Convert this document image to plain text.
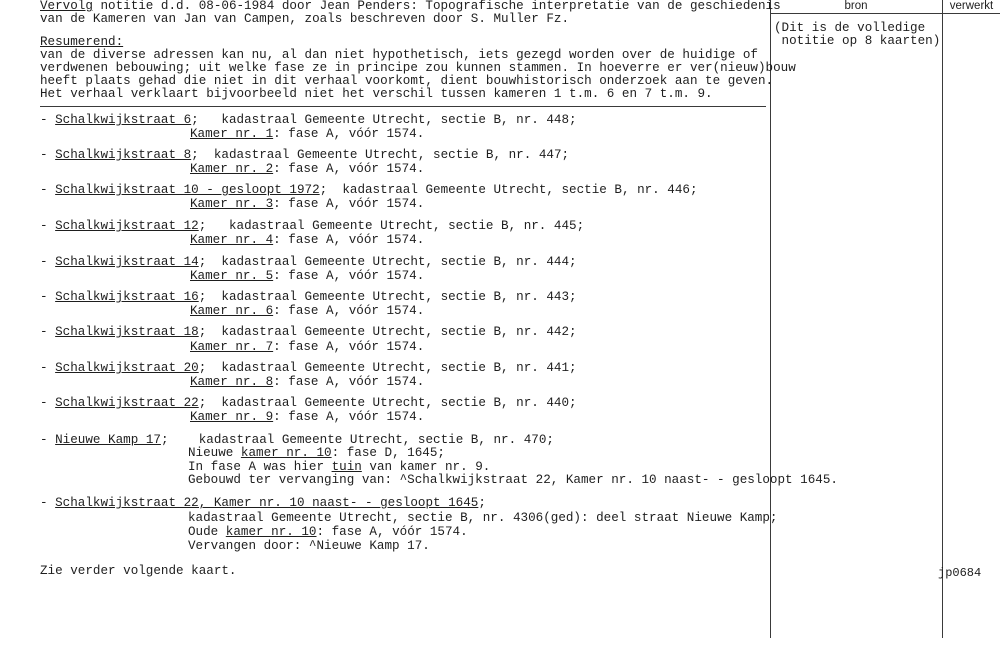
bron	verwerkt
(Dit is de volledige
notitie op 8 kaarten)
Vervolg notitie d.d. 08-06-1984 door Jean Penders: Topografische interpretatie van de geschiedenis
van de Kameren van Jan van Campen, zoals beschreven door S. Muller Fz.
Resumerend:
van de diverse adressen kan nu, al dan niet hypothetisch, iets gezegd worden over de huidige of
verdwenen bebouwing; uit welke fase ze in principe zou kunnen stammen. In hoeverre er ver(nieuw)bouw
heeft plaats gehad die niet in dit verhaal voorkomt, dient bouwhistorisch onderzoek aan te geven.
Het verhaal verklaart bijvoorbeeld niet het verschil tussen kameren 1 t.m. 6 en 7 t.m. 9.
- Schalkwijkstraat 6;   kadastraal Gemeente Utrecht, sectie B, nr. 448;
Kamer nr. 1: fase A, vóór 1574.
- Schalkwijkstraat 8;  kadastraal Gemeente Utrecht, sectie B, nr. 447;
Kamer nr. 2: fase A, vóór 1574.
- Schalkwijkstraat 10 - gesloopt 1972;  kadastraal Gemeente Utrecht, sectie B, nr. 446;
Kamer nr. 3: fase A, vóór 1574.
- Schalkwijkstraat 12;   kadastraal Gemeente Utrecht, sectie B, nr. 445;
Kamer nr. 4: fase A, vóór 1574.
- Schalkwijkstraat 14;  kadastraal Gemeente Utrecht, sectie B, nr. 444;
Kamer nr. 5: fase A, vóór 1574.
- Schalkwijkstraat 16;  kadastraal Gemeente Utrecht, sectie B, nr. 443;
Kamer nr. 6: fase A, vóór 1574.
- Schalkwijkstraat 18;  kadastraal Gemeente Utrecht, sectie B, nr. 442;
Kamer nr. 7: fase A, vóór 1574.
- Schalkwijkstraat 20;  kadastraal Gemeente Utrecht, sectie B, nr. 441;
Kamer nr. 8: fase A, vóór 1574.
- Schalkwijkstraat 22;  kadastraal Gemeente Utrecht, sectie B, nr. 440;
Kamer nr. 9: fase A, vóór 1574.
- Nieuwe Kamp 17;    kadastraal Gemeente Utrecht, sectie B, nr. 470;
Nieuwe kamer nr. 10: fase D, 1645;
In fase A was hier tuin van kamer nr. 9.
Gebouwd ter vervanging van: ^Schalkwijkstraat 22, Kamer nr. 10 naast- - gesloopt 1645.
- Schalkwijkstraat 22, Kamer nr. 10 naast- - gesloopt 1645;
kadastraal Gemeente Utrecht, sectie B, nr. 4306(ged): deel straat Nieuwe Kamp;
Oude kamer nr. 10: fase A, vóór 1574.
Vervangen door: ^Nieuwe Kamp 17.
Zie verder volgende kaart.	jp0684
